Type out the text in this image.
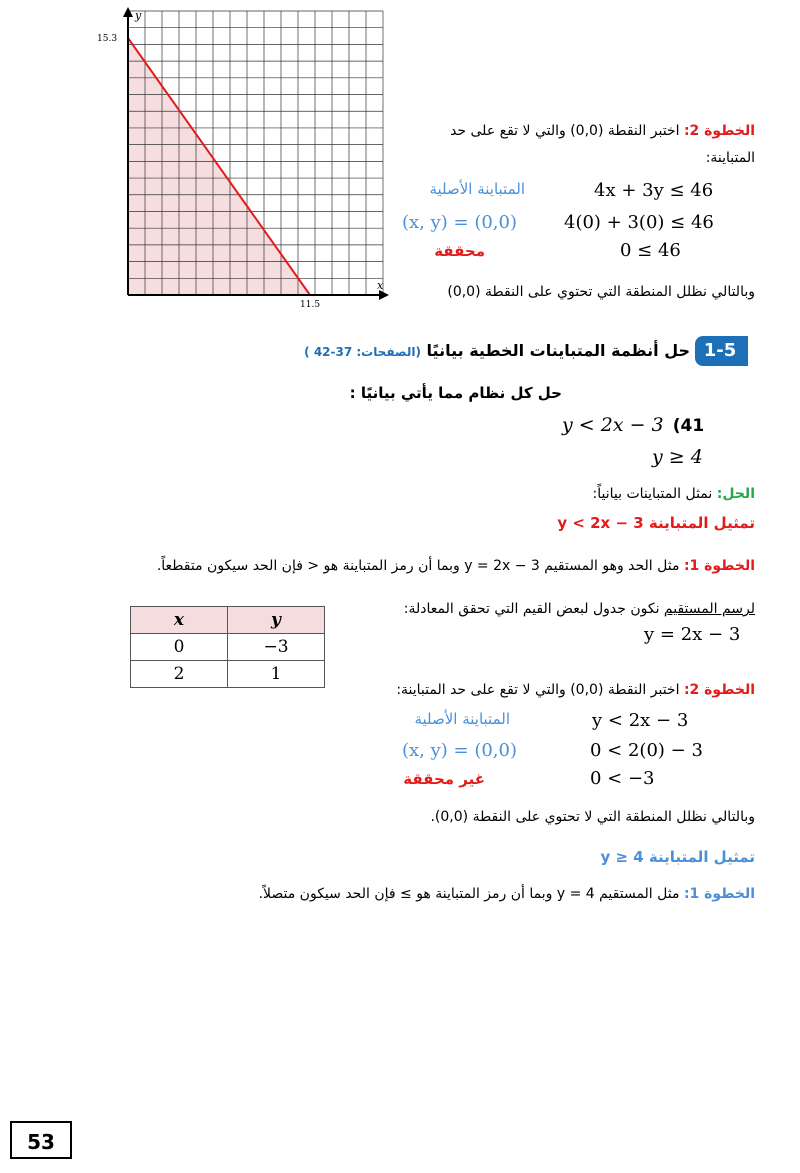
y
x
15.3
11.5
الخطوة 2: اختبر النقطة (0,0) والتي لا تقع على حد
المتباينة:
المتباينة الأصلية	4x + 3y ≤ 46
(x, y) = (0,0)	4(0) + 3(0) ≤ 46
محققة	0 ≤ 46
وبالتالي نظلل المنطقة التي تحتوي على النقطة (0,0)
1-5
حل أنظمة المتباينات الخطية بيانيًا (الصفحات: 37-42 )
حل كل نظام مما يأتي بيانيًا :
y < 2x − 3 (41
y ≥ 4
الحل: نمثل المتباينات بيانياً:
تمثيل المتباينة y < 2x − 3
الخطوة 1: مثل الحد وهو المستقيم y = 2x − 3 وبما أن رمز المتباينة هو < فإن الحد سيكون متقطعاً.
لرسم المستقيم نكون جدول لبعض القيم التي تحقق المعادلة:
y = 2x − 3
x	y
0	−3
2	1
الخطوة 2: اختبر النقطة (0,0) والتي لا تقع على حد المتباينة:
المتباينة الأصلية	y < 2x − 3
(x, y) = (0,0)	0 < 2(0) − 3
غير محققة	0 < −3
وبالتالي نظلل المنطقة التي لا تحتوي على النقطة (0,0).
تمثيل المتباينة y ≥ 4
الخطوة 1: مثل المستقيم y = 4 وبما أن رمز المتباينة هو ≥ فإن الحد سيكون متصلاً.
53
